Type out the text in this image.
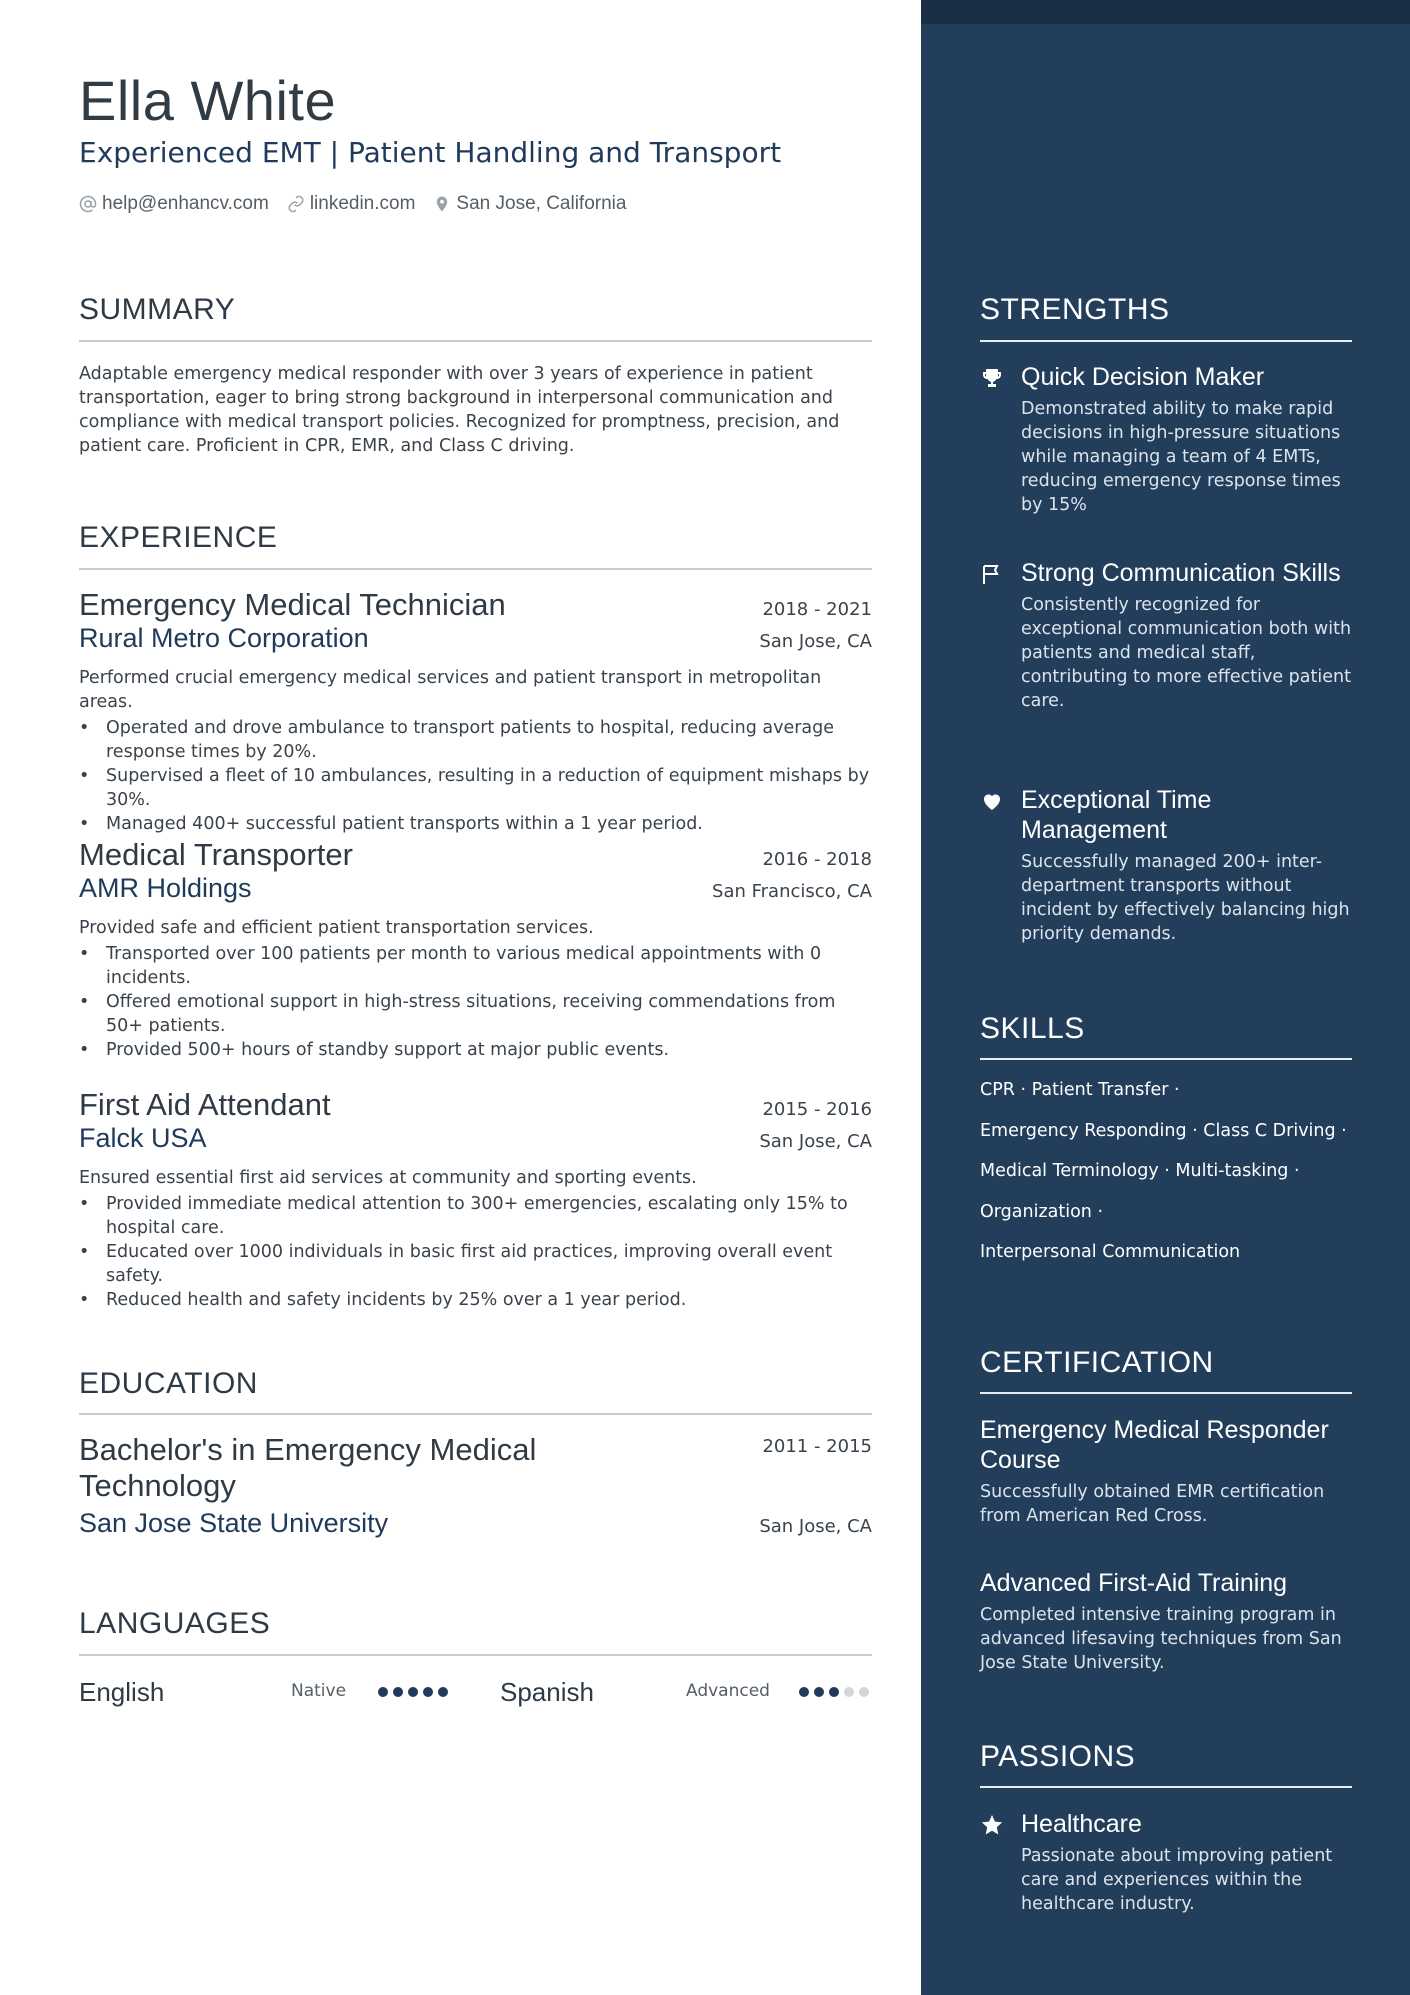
Ella White
Experienced EMT | Patient Handling and Transport
help@enhancv.com linkedin.com San Jose, California
SUMMARY
Adaptable emergency medical responder with over 3 years of experience in patient transportation, eager to bring strong background in interpersonal communication and compliance with medical transport policies. Recognized for promptness, precision, and patient care. Proficient in CPR, EMR, and Class C driving.
EXPERIENCE
Emergency Medical Technician	2018 - 2021
Rural Metro Corporation	San Jose, CA
Performed crucial emergency medical services and patient transport in metropolitan areas.
• Operated and drove ambulance to transport patients to hospital, reducing average response times by 20%.
• Supervised a fleet of 10 ambulances, resulting in a reduction of equipment mishaps by 30%.
• Managed 400+ successful patient transports within a 1 year period.
Medical Transporter	2016 - 2018
AMR Holdings	San Francisco, CA
Provided safe and efficient patient transportation services.
• Transported over 100 patients per month to various medical appointments with 0 incidents.
• Offered emotional support in high-stress situations, receiving commendations from 50+ patients.
• Provided 500+ hours of standby support at major public events.
First Aid Attendant	2015 - 2016
Falck USA	San Jose, CA
Ensured essential first aid services at community and sporting events.
• Provided immediate medical attention to 300+ emergencies, escalating only 15% to hospital care.
• Educated over 1000 individuals in basic first aid practices, improving overall event safety.
• Reduced health and safety incidents by 25% over a 1 year period.
EDUCATION
Bachelor's in Emergency Medical Technology
2011 - 2015
San Jose State University	San Jose, CA
LANGUAGES
English	Native	Spanish	Advanced
STRENGTHS
Quick Decision Maker
Demonstrated ability to make rapid decisions in high-pressure situations while managing a team of 4 EMTs, reducing emergency response times by 15%
Strong Communication Skills
Consistently recognized for exceptional communication both with patients and medical staff, contributing to more effective patient care.
Exceptional Time Management
Successfully managed 200+ inter-department transports without incident by effectively balancing high priority demands.
SKILLS
CPR · Patient Transfer ·
Emergency Responding · Class C Driving ·
Medical Terminology · Multi-tasking ·
Organization ·
Interpersonal Communication
CERTIFICATION
Emergency Medical Responder Course
Successfully obtained EMR certification from American Red Cross.
Advanced First-Aid Training
Completed intensive training program in advanced lifesaving techniques from San Jose State University.
PASSIONS
Healthcare
Passionate about improving patient care and experiences within the healthcare industry.
